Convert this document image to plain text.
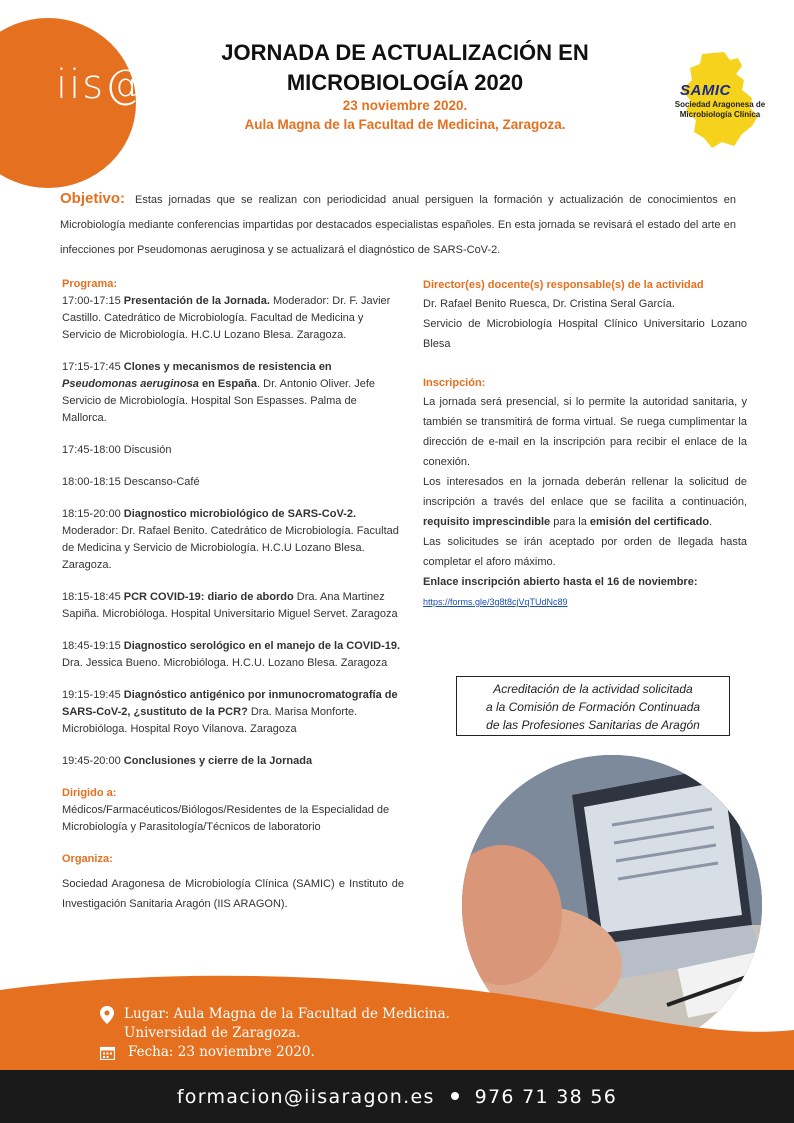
iis@.
JORNADA DE ACTUALIZACIÓN EN
MICROBIOLOGÍA 2020
23 noviembre 2020.
Aula Magna de la Facultad de Medicina, Zaragoza.
SAMIC
Sociedad Aragonesa de Microbiología Clínica
Objetivo: Estas jornadas que se realizan con periodicidad anual persiguen la formación y actualización de conocimientos en Microbiología mediante conferencias impartidas por destacados especialistas españoles. En esta jornada se revisará el estado del arte en infecciones por Pseudomonas aeruginosa y se actualizará el diagnóstico de SARS-CoV-2.
Programa:
17:00-17:15 Presentación de la Jornada. Moderador: Dr. F. Javier Castillo. Catedrático de Microbiología. Facultad de Medicina y Servicio de Microbiología. H.C.U Lozano Blesa. Zaragoza.
17:15-17:45 Clones y mecanismos de resistencia en Pseudomonas aeruginosa en España. Dr. Antonio Oliver. Jefe Servicio de Microbiología. Hospital Son Espasses. Palma de Mallorca.
17:45-18:00 Discusión
18:00-18:15 Descanso-Café
18:15-20:00 Diagnostico microbiológico de SARS-CoV-2. Moderador: Dr. Rafael Benito. Catedrático de Microbiología. Facultad de Medicina y Servicio de Microbiología. H.C.U Lozano Blesa. Zaragoza.
18:15-18:45 PCR COVID-19: diario de abordo Dra. Ana Martinez Sapiña. Microbióloga. Hospital Universitario Miguel Servet. Zaragoza
18:45-19:15 Diagnostico serológico en el manejo de la COVID-19. Dra. Jessica Bueno. Microbióloga. H.C.U. Lozano Blesa. Zaragoza
19:15-19:45 Diagnóstico antigénico por inmunocromatografía de SARS-CoV-2, ¿sustituto de la PCR? Dra. Marisa Monforte. Microbióloga. Hospital Royo Vilanova. Zaragoza
19:45-20:00 Conclusiones y cierre de la Jornada
Dirigido a:
Médicos/Farmacéuticos/Biólogos/Residentes de la Especialidad de Microbiología y Parasitología/Técnicos de laboratorio
Organiza:
Sociedad Aragonesa de Microbiología Clínica (SAMIC) e Instituto de Investigación Sanitaria Aragón (IIS ARAGON).
Director(es) docente(s) responsable(s) de la actividad
Dr. Rafael Benito Ruesca, Dr. Cristina Seral García.
Servicio de Microbiología Hospital Clínico Universitario Lozano Blesa
Inscripción:
La jornada será presencial, si lo permite la autoridad sanitaria, y también se transmitirá de forma virtual. Se ruega cumplimentar la dirección de e-mail en la inscripción para recibir el enlace de la conexión.
Los interesados en la jornada deberán rellenar la solicitud de inscripción a través del enlace que se facilita a continuación, requisito imprescindible para la emisión del certificado.
Las solicitudes se irán aceptado por orden de llegada hasta completar el aforo máximo.
Enlace inscripción abierto hasta el 16 de noviembre:
https://forms.gle/3g8t8cjVqTUdNc89
Acreditación de la actividad solicitada
a la Comisión de Formación Continuada
de las Profesiones Sanitarias de Aragón
Lugar: Aula Magna de la Facultad de Medicina.
Universidad de Zaragoza.
Fecha: 23 noviembre 2020.
formacion@iisaragon.es 976 71 38 56
